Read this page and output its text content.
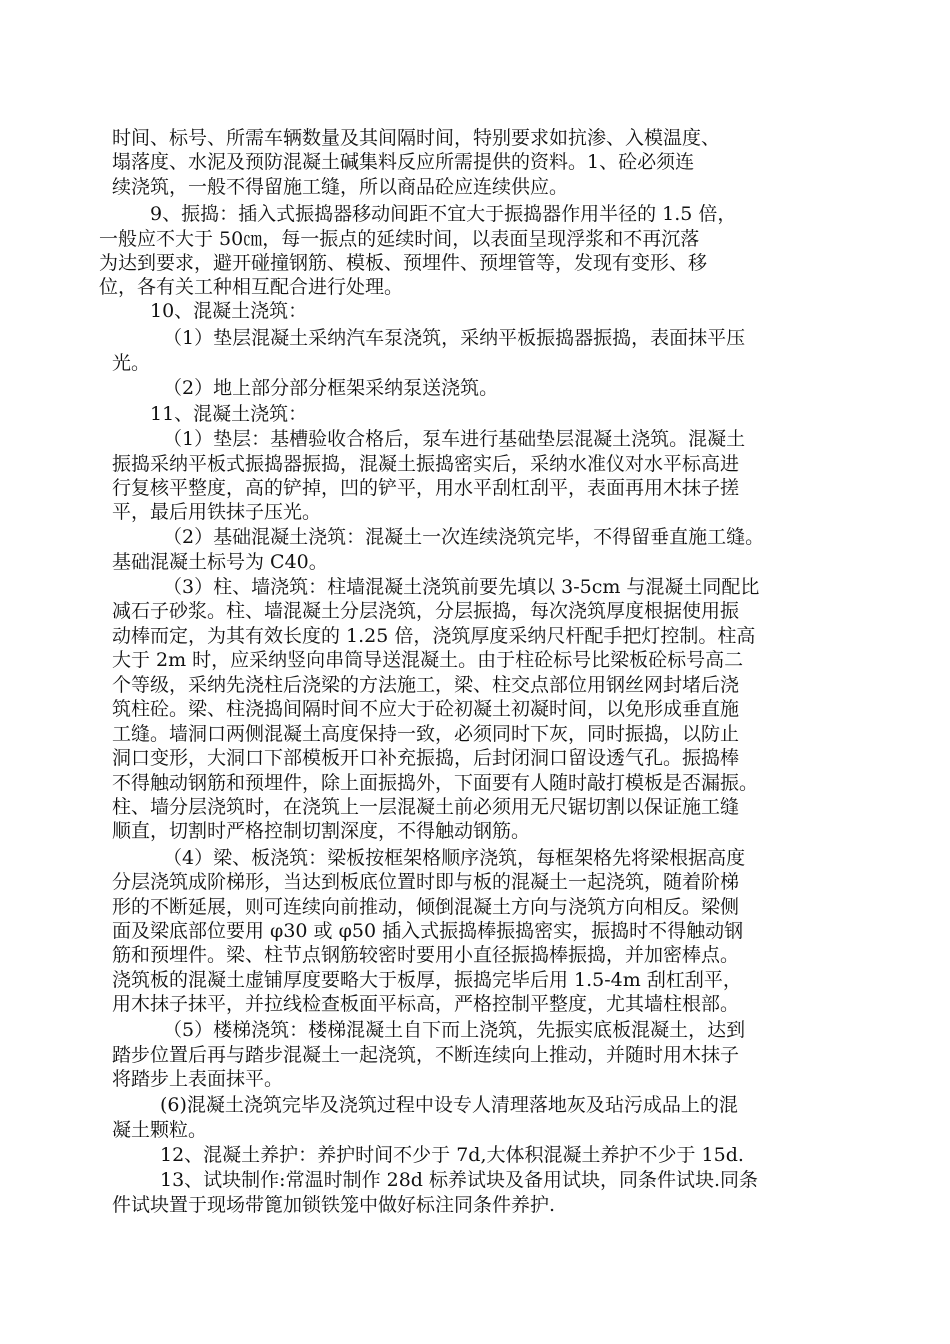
时间、标号、所需车辆数量及其间隔时间，特别要求如抗渗、入模温度、
塌落度、水泥及预防混凝土碱集料反应所需提供的资料。1、砼必须连
续浇筑，一般不得留施工缝，所以商品砼应连续供应。
9、振捣：插入式振捣器移动间距不宜大于振捣器作用半径的 1.5 倍，
一般应不大于 50㎝，每一振点的延续时间，以表面呈现浮浆和不再沉落
为达到要求，避开碰撞钢筋、模板、预埋件、预埋管等，发现有变形、移
位，各有关工种相互配合进行处理。
10、混凝土浇筑：
（1）垫层混凝土采纳汽车泵浇筑，采纳平板振捣器振捣，表面抹平压
光。
（2）地上部分部分框架采纳泵送浇筑。
11、混凝土浇筑：
（1）垫层：基槽验收合格后，泵车进行基础垫层混凝土浇筑。混凝土
振捣采纳平板式振捣器振捣，混凝土振捣密实后，采纳水准仪对水平标高进
行复核平整度，高的铲掉，凹的铲平，用水平刮杠刮平，表面再用木抹子搓
平，最后用铁抹子压光。
（2）基础混凝土浇筑：混凝土一次连续浇筑完毕，不得留垂直施工缝。
基础混凝土标号为 C40。
（3）柱、墙浇筑：柱墙混凝土浇筑前要先填以 3-5cm 与混凝土同配比
减石子砂浆。柱、墙混凝土分层浇筑，分层振捣，每次浇筑厚度根据使用振
动棒而定，为其有效长度的 1.25 倍，浇筑厚度采纳尺杆配手把灯控制。柱高
大于 2m 时，应采纳竖向串筒导送混凝土。由于柱砼标号比梁板砼标号高二
个等级，采纳先浇柱后浇梁的方法施工，梁、柱交点部位用钢丝网封堵后浇
筑柱砼。梁、柱浇捣间隔时间不应大于砼初凝土初凝时间，以免形成垂直施
工缝。墙洞口两侧混凝土高度保持一致，必须同时下灰，同时振捣，以防止
洞口变形，大洞口下部模板开口补充振捣，后封闭洞口留设透气孔。振捣棒
不得触动钢筋和预埋件，除上面振捣外，下面要有人随时敲打模板是否漏振。
柱、墙分层浇筑时，在浇筑上一层混凝土前必须用无尺锯切割以保证施工缝
顺直，切割时严格控制切割深度，不得触动钢筋。
（4）梁、板浇筑：梁板按框架格顺序浇筑，每框架格先将梁根据高度
分层浇筑成阶梯形，当达到板底位置时即与板的混凝土一起浇筑，随着阶梯
形的不断延展，则可连续向前推动，倾倒混凝土方向与浇筑方向相反。梁侧
面及梁底部位要用 φ30 或 φ50 插入式振捣棒振捣密实，振捣时不得触动钢
筋和预埋件。梁、柱节点钢筋较密时要用小直径振捣棒振捣，并加密棒点。
浇筑板的混凝土虚铺厚度要略大于板厚，振捣完毕后用 1.5-4m 刮杠刮平，
用木抹子抹平，并拉线检查板面平标高，严格控制平整度，尤其墙柱根部。
（5）楼梯浇筑：楼梯混凝土自下而上浇筑，先振实底板混凝土，达到
踏步位置后再与踏步混凝土一起浇筑，不断连续向上推动，并随时用木抹子
将踏步上表面抹平。
(6)混凝土浇筑完毕及浇筑过程中设专人清理落地灰及玷污成品上的混
凝土颗粒。
12、混凝土养护：养护时间不少于 7d,大体积混凝土养护不少于 15d.
13、试块制作:常温时制作 28d 标养试块及备用试块，同条件试块.同条
件试块置于现场带篦加锁铁笼中做好标注同条件养护.
